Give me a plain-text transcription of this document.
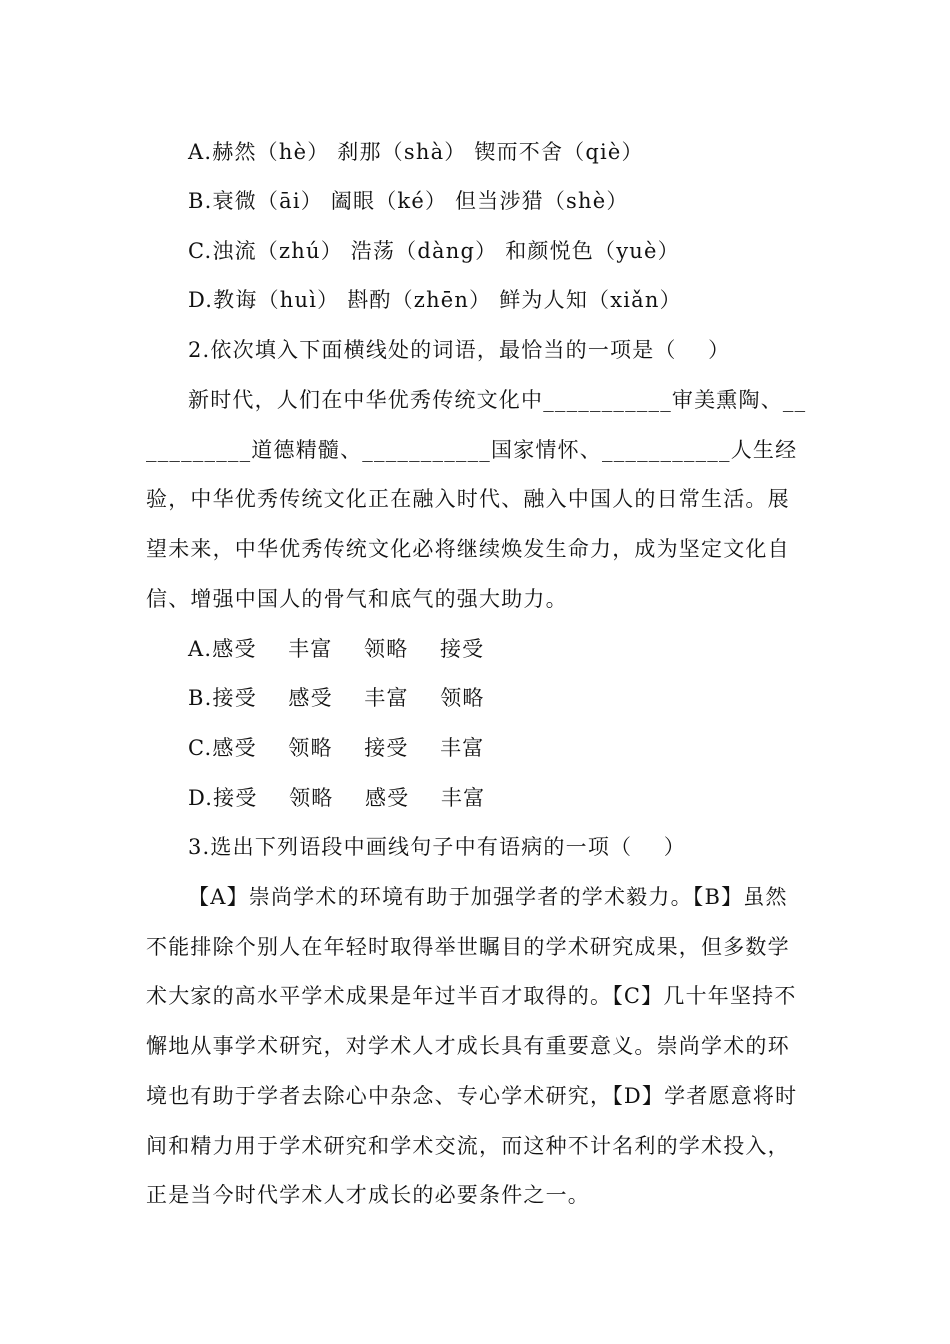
A.赫然（hè） 刹那（shà） 锲而不舍（qiè）
B.衰微（āi） 阖眼（ké） 但当涉猎（shè）
C.浊流（zhú） 浩荡（dàng） 和颜悦色（yuè）
D.教诲（huì） 斟酌（zhēn） 鲜为人知（xiǎn）
2.依次填入下面横线处的词语，最恰当的一项是（    ）
新时代，人们在中华优秀传统文化中___________审美熏陶、__
_________道德精髓、___________国家情怀、___________人生经
验，中华优秀传统文化正在融入时代、融入中国人的日常生活。展
望未来，中华优秀传统文化必将继续焕发生命力，成为坚定文化自
信、增强中国人的骨气和底气的强大助力。
A.感受    丰富    领略    接受
B.接受    感受    丰富    领略
C.感受    领略    接受    丰富
D.接受    领略    感受    丰富
3.选出下列语段中画线句子中有语病的一项（    ）
【A】崇尚学术的环境有助于加强学者的学术毅力。【B】虽然
不能排除个别人在年轻时取得举世瞩目的学术研究成果，但多数学
术大家的高水平学术成果是年过半百才取得的。【C】几十年坚持不
懈地从事学术研究，对学术人才成长具有重要意义。崇尚学术的环
境也有助于学者去除心中杂念、专心学术研究，【D】学者愿意将时
间和精力用于学术研究和学术交流，而这种不计名利的学术投入，
正是当今时代学术人才成长的必要条件之一。
